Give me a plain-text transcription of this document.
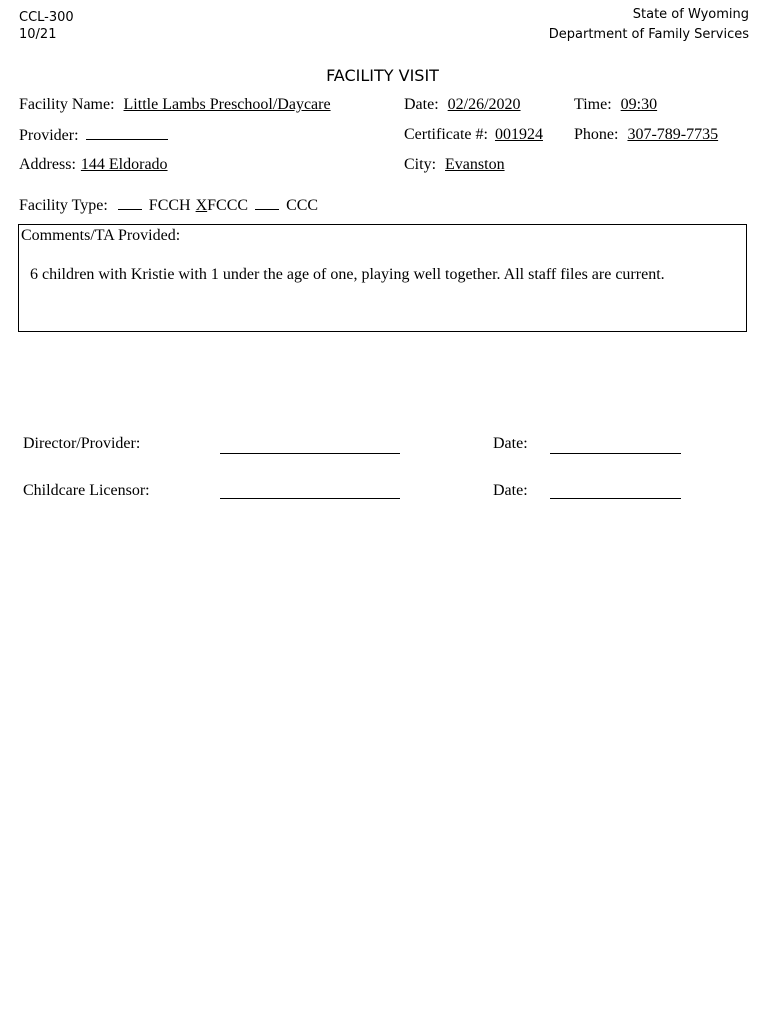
CCL-300
10/21
State of Wyoming
Department of Family Services
FACILITY VISIT
Facility Name: Little Lambs Preschool/Daycare	Date: 02/26/2020	Time: 09:30
Provider:	Certificate #: 001924 Phone: 307-789-7735
Address: 144 Eldorado	City: Evanston
Facility Type:	FCCH XFCCC CCC
Comments/TA Provided:
6 children with Kristie with 1 under the age of one, playing well together. All staff files are current.
Director/Provider:	Date:
Childcare Licensor:	Date:
